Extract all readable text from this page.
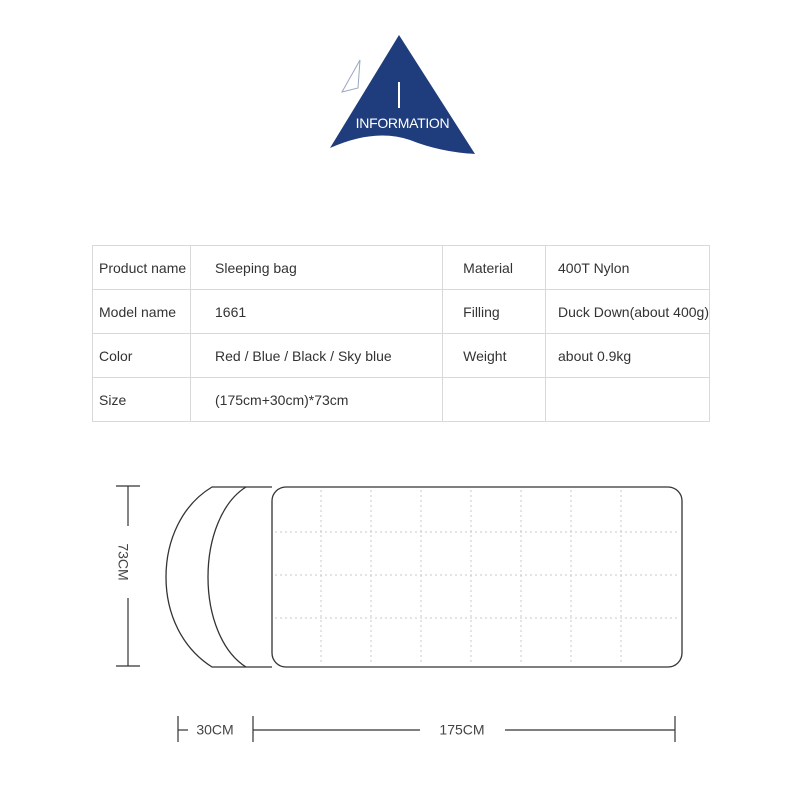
INFORMATION
Product name	Sleeping bag	Material	400T Nylon
Model name	1661	Filling	Duck Down(about 400g)
Color	Red / Blue / Black / Sky blue	Weight	about 0.9kg
Size	(175cm+30cm)*73cm		
73CM
30CM	175CM
